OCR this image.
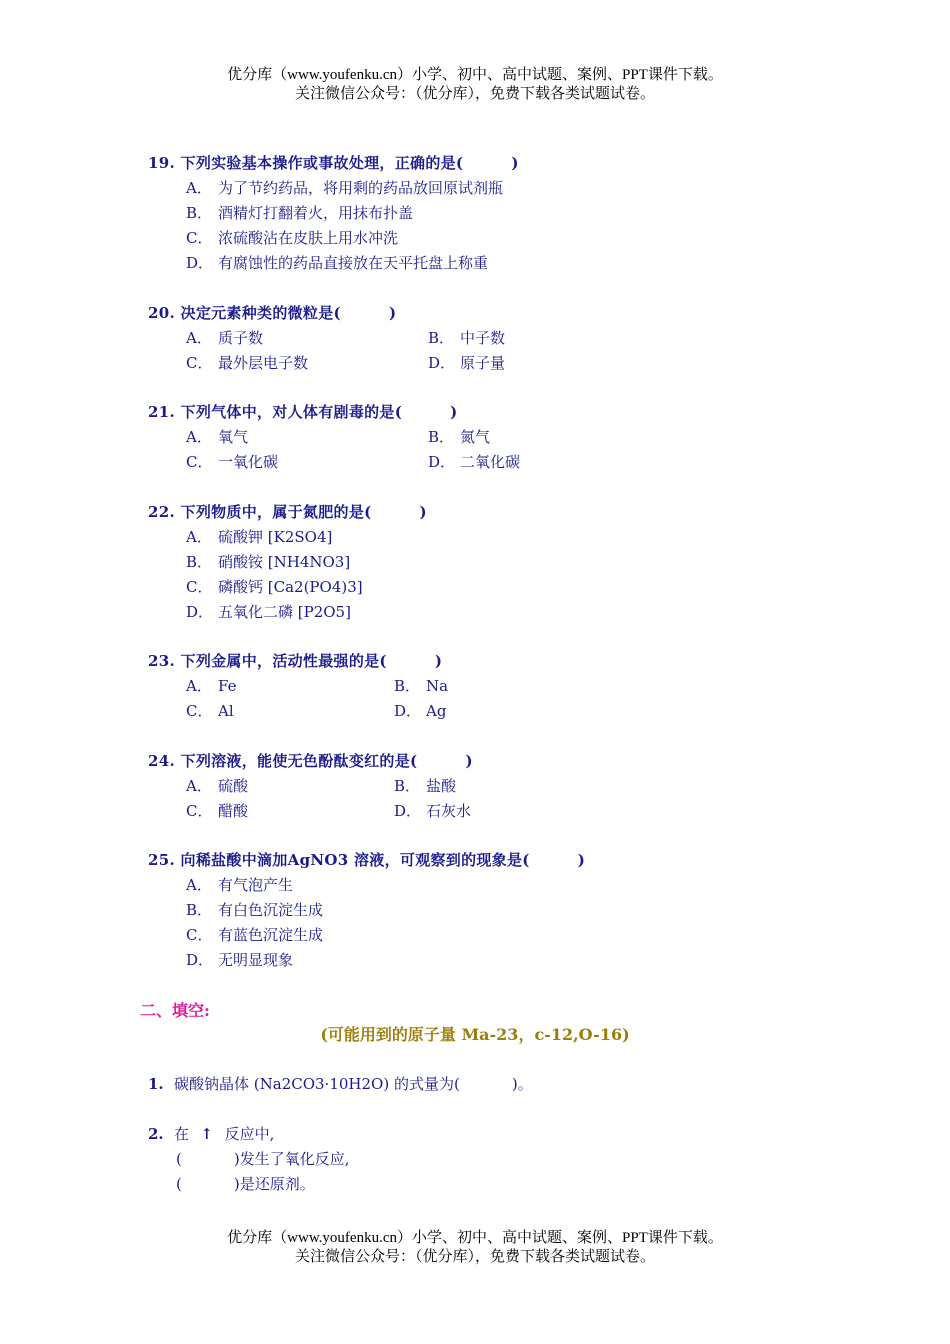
优分库（www.youfenku.cn）小学、初中、高中试题、案例、PPT课件下载。
关注微信公众号：（优分库），免费下载各类试题试卷。
19. 下列实验基本操作或事故处理，正确的是(	)
A． 为了节约药品，将用剩的药品放回原试剂瓶
B． 酒精灯打翻着火，用抹布扑盖
C． 浓硫酸沾在皮肤上用水冲洗
D． 有腐蚀性的药品直接放在天平托盘上称重
20. 决定元素种类的微粒是(	)
A． 质子数	B． 中子数
C． 最外层电子数	D． 原子量
21. 下列气体中，对人体有剧毒的是(	)
A． 氧气	B． 氮气
C． 一氧化碳	D． 二氧化碳
22. 下列物质中，属于氮肥的是(	)
A． 硫酸钾 [K2SO4]
B． 硝酸铵 [NH4NO3]
C． 磷酸钙 [Ca2(PO4)3]
D． 五氧化二磷 [P2O5]
23. 下列金属中，活动性最强的是(	)
A． Fe	B． Na
C． Al	D． Ag
24. 下列溶液，能使无色酚酞变红的是(	)
A． 硫酸	B． 盐酸
C． 醋酸	D． 石灰水
25. 向稀盐酸中滴加AgNO3 溶液，可观察到的现象是(	)
A． 有气泡产生
B． 有白色沉淀生成
C． 有蓝色沉淀生成
D． 无明显现象
二、填空:
(可能用到的原子量 Ma-23，c-12,O-16)
1. 碳酸钠晶体 (Na2CO3·10H2O) 的式量为(	)。
2. 在 ↑ 反应中,
(	)发生了氧化反应,
(	)是还原剂。
优分库（www.youfenku.cn）小学、初中、高中试题、案例、PPT课件下载。
关注微信公众号：（优分库），免费下载各类试题试卷。
